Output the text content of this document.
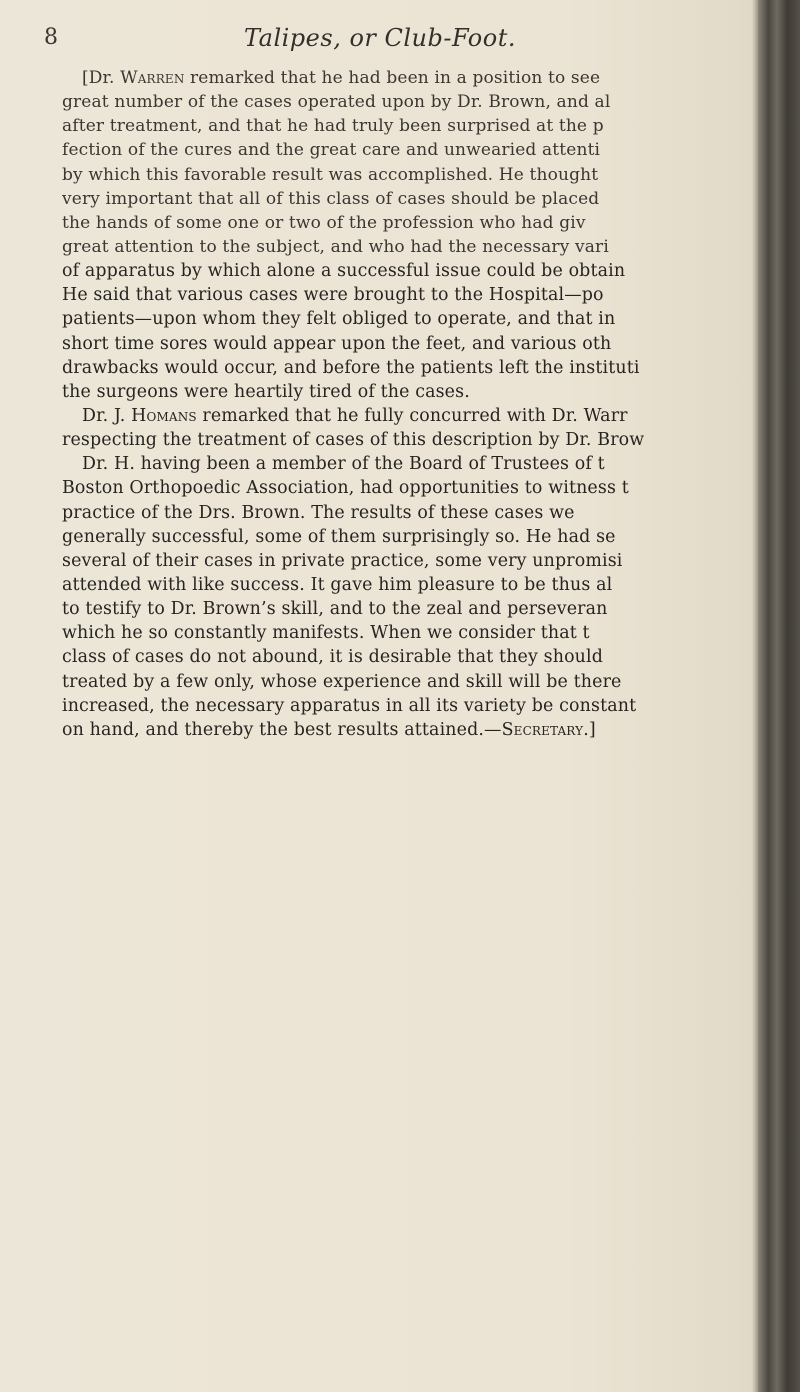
8	Talipes, or Club-Foot.
[Dr. Warren remarked that he had been in a position to see
great number of the cases operated upon by Dr. Brown, and al
after treatment, and that he had truly been surprised at the p
fection of the cures and the great care and unwearied attenti
by which this favorable result was accomplished. He thought
very important that all of this class of cases should be placed
the hands of some one or two of the profession who had giv
great attention to the subject, and who had the necessary vari
of apparatus by which alone a successful issue could be obtain
He said that various cases were brought to the Hospital—po
patients—upon whom they felt obliged to operate, and that in
short time sores would appear upon the feet, and various oth
drawbacks would occur, and before the patients left the instituti
the surgeons were heartily tired of the cases.
Dr. J. Homans remarked that he fully concurred with Dr. Warr
respecting the treatment of cases of this description by Dr. Brow
Dr. H. having been a member of the Board of Trustees of t
Boston Orthopoedic Association, had opportunities to witness t
practice of the Drs. Brown. The results of these cases we
generally successful, some of them surprisingly so. He had se
several of their cases in private practice, some very unpromisi
attended with like success. It gave him pleasure to be thus al
to testify to Dr. Brown’s skill, and to the zeal and perseveran
which he so constantly manifests. When we consider that t
class of cases do not abound, it is desirable that they should
treated by a few only, whose experience and skill will be there
increased, the necessary apparatus in all its variety be constant
on hand, and thereby the best results attained.—Secretary.]
